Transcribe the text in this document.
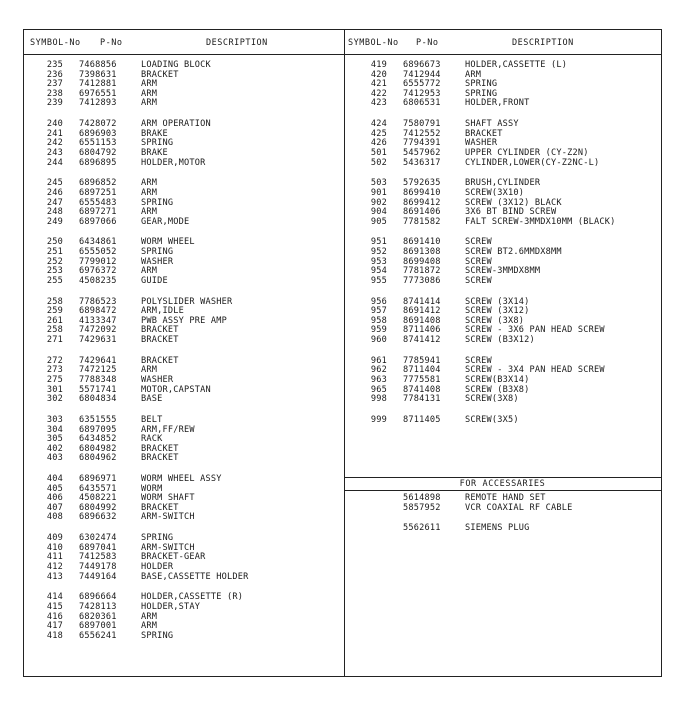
SYMBOL-No P-No	DESCRIPTION	SYMBOL-No P-No	DESCRIPTION
235	7468856	LOADING BLOCK
236	7398631	BRACKET
237	7412881	ARM
238	6976551	ARM
239	7412893	ARM
240	7428072	ARM OPERATION
241	6896903	BRAKE
242	6551153	SPRING
243	6804792	BRAKE
244	6896895	HOLDER,MOTOR
245	6896852	ARM
246	6897251	ARM
247	6555483	SPRING
248	6897271	ARM
249	6897066	GEAR,MODE
250	6434861	WORM WHEEL
251	6555052	SPRING
252	7799012	WASHER
253	6976372	ARM
255	4508235	GUIDE
258	7786523	POLYSLIDER WASHER
259	6898472	ARM,IDLE
261	4133347	PWB ASSY PRE AMP
258	7472092	BRACKET
271	7429631	BRACKET
272	7429641	BRACKET
273	7472125	ARM
275	7788348	WASHER
301	5571741	MOTOR,CAPSTAN
302	6804834	BASE
303	6351555	BELT
304	6897095	ARM,FF/REW
305	6434852	RACK
402	6804982	BRACKET
403	6804962	BRACKET
404	6896971	WORM WHEEL ASSY
405	6435571	WORM
406	4508221	WORM SHAFT
407	6804992	BRACKET
408	6896632	ARM-SWITCH
409	6302474	SPRING
410	6897041	ARM-SWITCH
411	7412583	BRACKET-GEAR
412	7449178	HOLDER
413	7449164	BASE,CASSETTE HOLDER
414	6896664	HOLDER,CASSETTE (R)
415	7428113	HOLDER,STAY
416	6820361	ARM
417	6897001	ARM
418	6556241	SPRING
419	6896673	HOLDER,CASSETTE (L)
420	7412944	ARM
421	6555772	SPRING
422	7412953	SPRING
423	6806531	HOLDER,FRONT
424	7580791	SHAFT ASSY
425	7412552	BRACKET
426	7794391	WASHER
501	5457962	UPPER CYLINDER (CY-Z2N)
502	5436317	CYLINDER,LOWER(CY-Z2NC-L)
503	5792635	BRUSH,CYLINDER
901	8699410	SCREW(3X10)
902	8699412	SCREW (3X12) BLACK
904	8691406	3X6 BT BIND SCREW
905	7781582	FALT SCREW-3MMDX10MM (BLACK)
951	8691410	SCREW
952	8691308	SCREW BT2.6MMDX8MM
953	8699408	SCREW
954	7781872	SCREW-3MMDX8MM
955	7773086	SCREW
956	8741414	SCREW (3X14)
957	8691412	SCREW (3X12)
958	8691408	SCREW (3X8)
959	8711406	SCREW - 3X6 PAN HEAD SCREW
960	8741412	SCREW (B3X12)
961	7785941	SCREW
962	8711404	SCREW - 3X4 PAN HEAD SCREW
963	7775581	SCREW(B3X14)
965	8741408	SCREW (B3X8)
998	7784131	SCREW(3X8)
999	8711405	SCREW(3X5)
FOR ACCESSARIES
5614898	REMOTE HAND SET
5857952	VCR COAXIAL RF CABLE
5562611	SIEMENS PLUG
